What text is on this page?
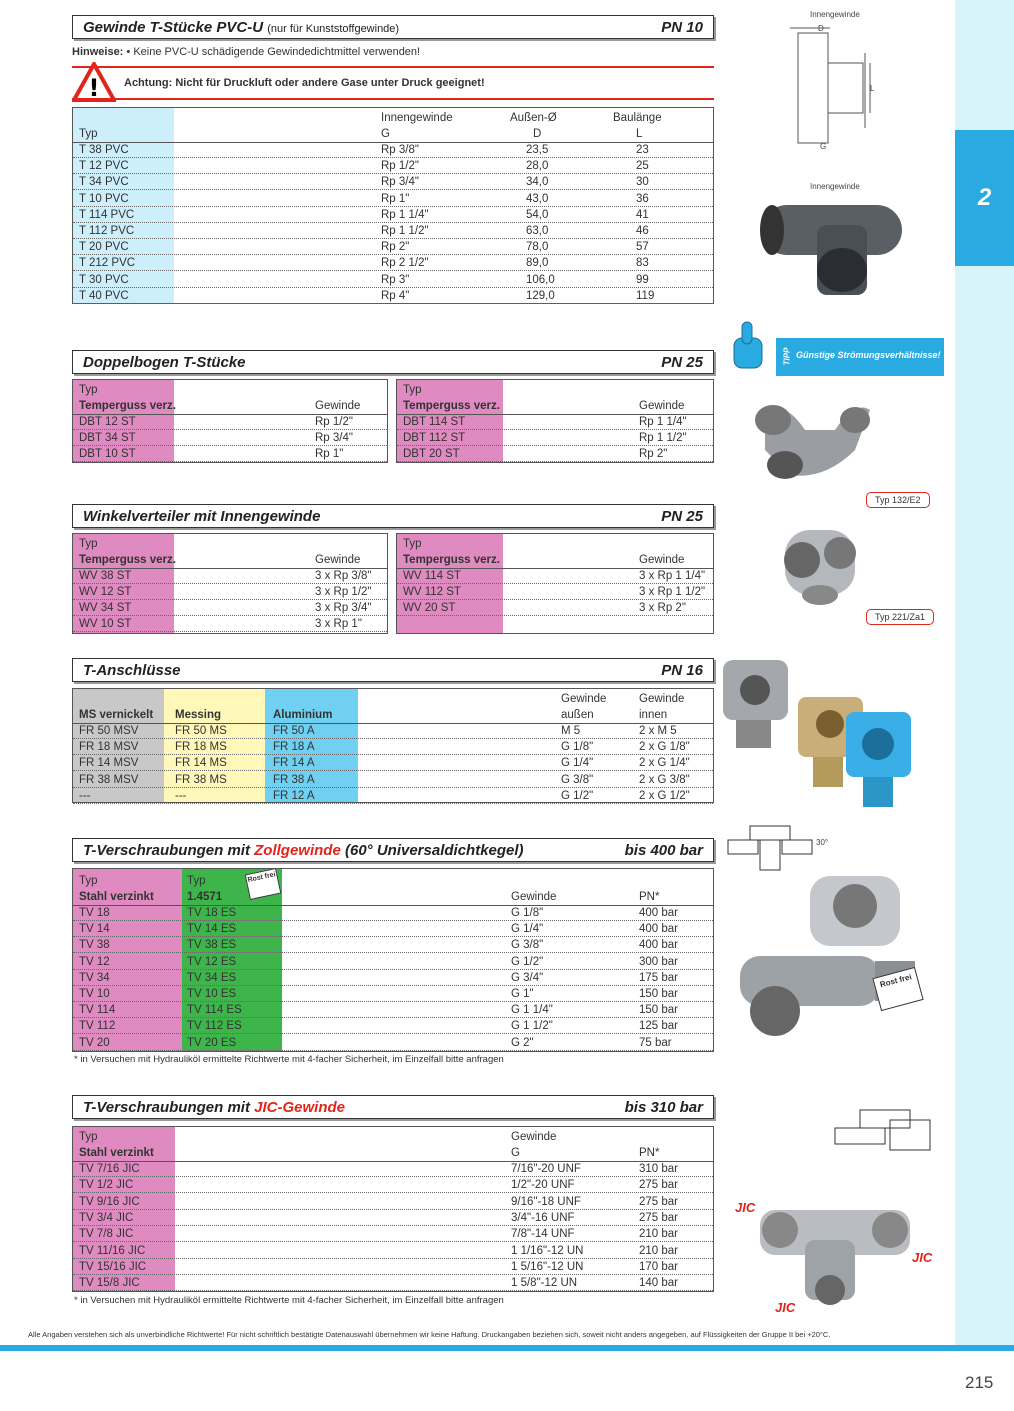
2
Gewinde T-Stücke PVC-U (nur für Kunststoffgewinde)	PN 10
Hinweise: • Keine PVC-U schädigende Gewindedichtmittel verwenden!
! Achtung: Nicht für Druckluft oder andere Gase unter Druck geeignet!
Innengewinde	Außen-Ø	Baulänge
Typ	G	D	L
T 38 PVC	Rp 3/8"	23,5	23
T 12 PVC	Rp 1/2"	28,0	25
T 34 PVC	Rp 3/4"	34,0	30
T 10 PVC	Rp 1"	43,0	36
T 114 PVC	Rp 1 1/4"	54,0	41
T 112 PVC	Rp 1 1/2"	63,0	46
T 20 PVC	Rp 2"	78,0	57
T 212 PVC	Rp 2 1/2"	89,0	83
T 30 PVC	Rp 3"	106,0	99
T 40 PVC	Rp 4"	129,0	119
Innengewinde
D
L
G
Innengewinde
TIPP Günstige Strömungsverhältnisse!
Doppelbogen T-Stücke	PN 25
Typ
Temperguss verz.	Gewinde
DBT 12 ST	Rp 1/2"
DBT 34 ST	Rp 3/4"
DBT 10 ST	Rp 1"
Typ
Temperguss verz.	Gewinde
DBT 114 ST	Rp 1 1/4"
DBT 112 ST	Rp 1 1/2"
DBT 20 ST	Rp 2"
Typ 132/E2
Winkelverteiler mit Innengewinde	PN 25
Typ
Temperguss verz.	Gewinde
WV 38 ST	3 x Rp 3/8"
WV 12 ST	3 x Rp 1/2"
WV 34 ST	3 x Rp 3/4"
WV 10 ST	3 x Rp 1"
Typ
Temperguss verz.	Gewinde
WV 114 ST	3 x Rp 1 1/4"
WV 112 ST	3 x Rp 1 1/2"
WV 20 ST	3 x Rp 2"
Typ 221/Za1
T-Anschlüsse	PN 16
MS vernickelt Messing	Aluminium
Gewinde
außen
Gewinde
innen
FR 50 MSV	FR 50 MS	FR 50 A	M 5	2 x M 5
FR 18 MSV	FR 18 MS	FR 18 A	G 1/8"	2 x G 1/8"
FR 14 MSV	FR 14 MS	FR 14 A	G 1/4"	2 x G 1/4"
FR 38 MSV	FR 38 MS	FR 38 A	G 3/8"	2 x G 3/8"
---	---	FR 12 A	G 1/2"	2 x G 1/2"
T-Verschraubungen mit Zollgewinde (60° Universaldichtkegel)	bis 400 bar
Typ
Stahl verzinkt
Typ
1.4571
Rost frei
Gewinde	PN*
TV 18	TV 18 ES	G 1/8"	400 bar
TV 14	TV 14 ES	G 1/4"	400 bar
TV 38	TV 38 ES	G 3/8"	400 bar
TV 12	TV 12 ES	G 1/2"	300 bar
TV 34	TV 34 ES	G 3/4"	175 bar
TV 10	TV 10 ES	G 1"	150 bar
TV 114	TV 114 ES	G 1 1/4"	150 bar
TV 112	TV 112 ES	G 1 1/2"	125 bar
TV 20	TV 20 ES	G 2"	75 bar
* in Versuchen mit Hydrauliköl ermittelte Richtwerte mit 4-facher Sicherheit, im Einzelfall bitte anfragen
30°
Rost frei
T-Verschraubungen mit JIC-Gewinde	bis 310 bar
Typ
Stahl verzinkt
Gewinde
G	PN*
TV 7/16 JIC	7/16"-20 UNF	310 bar
TV 1/2 JIC	1/2"-20 UNF	275 bar
TV 9/16 JIC	9/16"-18 UNF	275 bar
TV 3/4 JIC	3/4"-16 UNF	275 bar
TV 7/8 JIC	7/8"-14 UNF	210 bar
TV 11/16 JIC	1 1/16"-12 UN	210 bar
TV 15/16 JIC	1 5/16"-12 UN	170 bar
TV 15/8 JIC	1 5/8"-12 UN	140 bar
* in Versuchen mit Hydrauliköl ermittelte Richtwerte mit 4-facher Sicherheit, im Einzelfall bitte anfragen
JIC
JIC
JIC
Alle Angaben verstehen sich als unverbindliche Richtwerte! Für nicht schriftlich bestätigte Datenauswahl übernehmen wir keine Haftung. Druckangaben beziehen sich, soweit nicht anders angegeben, auf Flüssigkeiten der Gruppe II bei +20°C.
215
